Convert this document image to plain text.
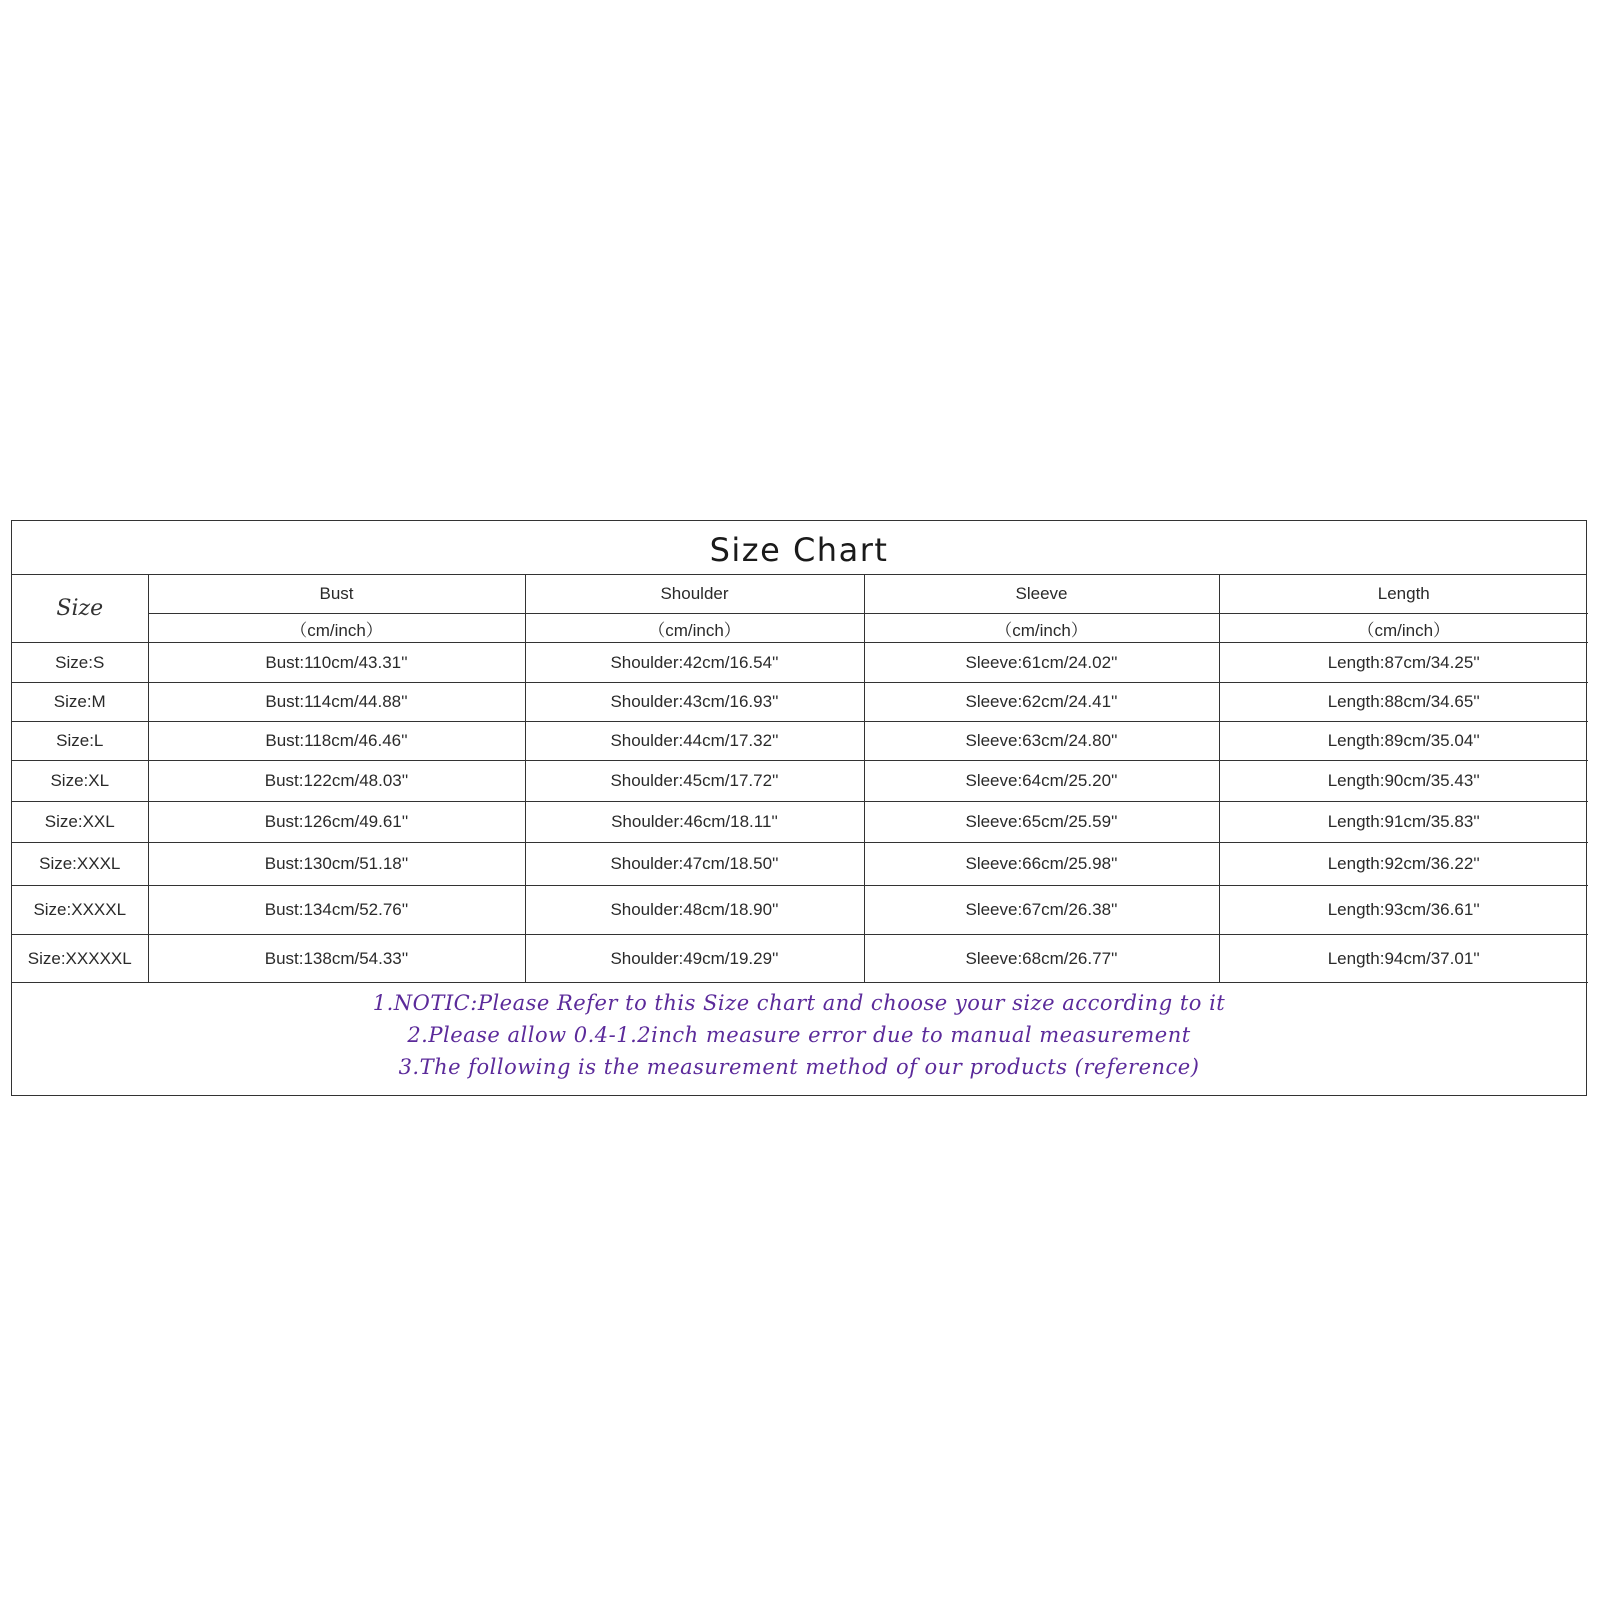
Size Chart
Size	Bust	Shoulder	Sleeve	Length
	（cm/inch）	（cm/inch）	（cm/inch）	（cm/inch）
Size:S	Bust:110cm/43.31''	Shoulder:42cm/16.54''	Sleeve:61cm/24.02''	Length:87cm/34.25''
Size:M	Bust:114cm/44.88''	Shoulder:43cm/16.93''	Sleeve:62cm/24.41''	Length:88cm/34.65''
Size:L	Bust:118cm/46.46''	Shoulder:44cm/17.32''	Sleeve:63cm/24.80''	Length:89cm/35.04''
Size:XL	Bust:122cm/48.03''	Shoulder:45cm/17.72''	Sleeve:64cm/25.20''	Length:90cm/35.43''
Size:XXL	Bust:126cm/49.61''	Shoulder:46cm/18.11''	Sleeve:65cm/25.59''	Length:91cm/35.83''
Size:XXXL	Bust:130cm/51.18''	Shoulder:47cm/18.50''	Sleeve:66cm/25.98''	Length:92cm/36.22''
Size:XXXXL	Bust:134cm/52.76''	Shoulder:48cm/18.90''	Sleeve:67cm/26.38''	Length:93cm/36.61''
Size:XXXXXL	Bust:138cm/54.33''	Shoulder:49cm/19.29''	Sleeve:68cm/26.77''	Length:94cm/37.01''
1.NOTIC:Please Refer to this Size chart and choose your size according to it
2.Please allow 0.4-1.2inch measure error due to manual measurement
3.The following is the measurement method of our products (reference)
